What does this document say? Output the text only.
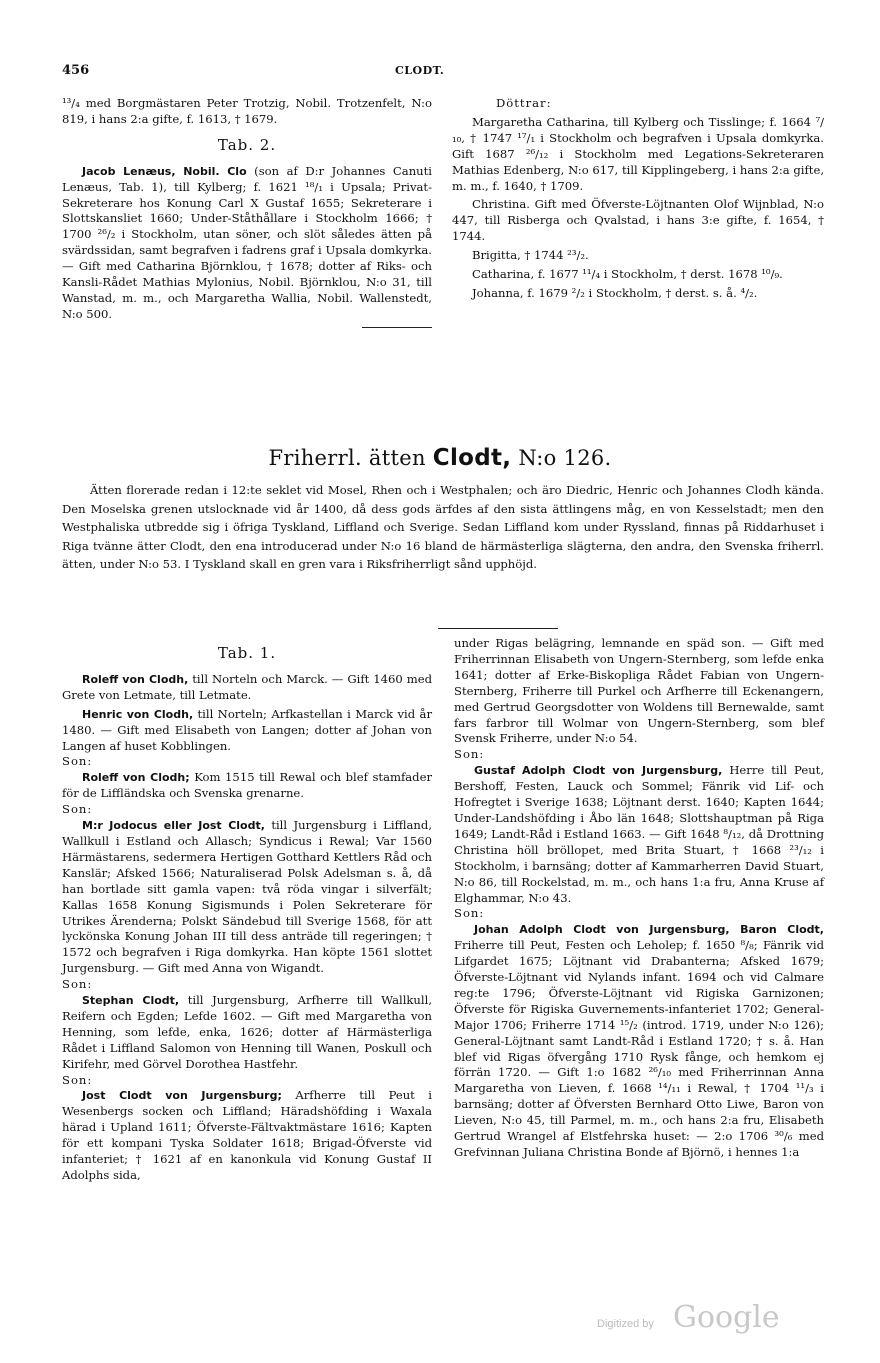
456	CLODT.

¹³/₄ med Borgmästaren Peter Trotzig, Nobil. Trotzenfelt, N:o 819, i hans 2:a gifte, f. 1613, † 1679.

Tab. 2.

Jacob Lenæus, Nobil. Clo (son af D:r Johannes Canuti Lenæus, Tab. 1), till Kylberg; f. 1621 ¹⁸/₁ i Upsala; Privat-Sekreterare hos Konung Carl X Gustaf 1655; Sekreterare i Slottskansliet 1660; Under-Ståthållare i Stockholm 1666; † 1700 ²⁶/₂ i Stockholm, utan söner, och slöt således ätten på svärdssidan, samt begrafven i fadrens graf i Upsala domkyrka. — Gift med Catharina Björnklou, † 1678; dotter af Riks- och Kansli-Rådet Mathias Mylonius, Nobil. Björnklou, N:o 31, till Wanstad, m. m., och Margaretha Wallia, Nobil. Wallenstedt, N:o 500.

Döttrar:

Margaretha Catharina, till Kylberg och Tisslinge; f. 1664 ⁷/₁₀, † 1747 ¹⁷/₁ i Stockholm och begrafven i Upsala domkyrka. Gift 1687 ²⁶/₁₂ i Stockholm med Legations-Sekreteraren Mathias Edenberg, N:o 617, till Kipplingeberg, i hans 2:a gifte, m. m., f. 1640, † 1709.

Christina. Gift med Öfverste-Löjtnanten Olof Wijnblad, N:o 447, till Risberga och Qvalstad, i hans 3:e gifte, f. 1654, † 1744.

Brigitta, † 1744 ²³/₂.

Catharina, f. 1677 ¹¹/₄ i Stockholm, † derst. 1678 ¹⁰/₉.

Johanna, f. 1679 ²/₂ i Stockholm, † derst. s. å. ⁴/₂.

Friherrl. ätten Clodt, N:o 126.

Ätten florerade redan i 12:te seklet vid Mosel, Rhen och i Westphalen; och äro Diedric, Henric och Johannes Clodh kända. Den Moselska grenen utslocknade vid år 1400, då dess gods ärfdes af den sista ättlingens måg, en von Kesselstadt; men den Westphaliska utbredde sig i öfriga Tyskland, Liffland och Sverige. Sedan Liffland kom under Ryssland, finnas på Riddarhuset i Riga tvänne ätter Clodt, den ena introducerad under N:o 16 bland de härmästerliga slägterna, den andra, den Svenska friherrl. ätten, under N:o 53. I Tyskland skall en gren vara i Riksfriherrligt sånd upphöjd.

Tab. 1.

Roleff von Clodh, till Norteln och Marck. — Gift 1460 med Grete von Letmate, till Letmate.

Henric von Clodh, till Norteln; Arfkastellan i Marck vid år 1480. — Gift med Elisabeth von Langen; dotter af Johan von Langen af huset Kobblingen.

Son:

Roleff von Clodh; Kom 1515 till Rewal och blef stamfader för de Liffländska och Svenska grenarne.

Son:

M:r Jodocus eller Jost Clodt, till Jurgensburg i Liffland, Wallkull i Estland och Allasch; Syndicus i Rewal; Var 1560 Härmästarens, sedermera Hertigen Gotthard Kettlers Råd och Kanslär; Afsked 1566; Naturaliserad Polsk Adelsman s. å, då han bortlade sitt gamla vapen: två röda vingar i silverfält; Kallas 1658 Konung Sigismunds i Polen Sekreterare för Utrikes Ärenderna; Polskt Sändebud till Sverige 1568, för att lyckönska Konung Johan III till dess anträde till regeringen; † 1572 och begrafven i Riga domkyrka. Han köpte 1561 slottet Jurgensburg. — Gift med Anna von Wigandt.

Son:

Stephan Clodt, till Jurgensburg, Arfherre till Wallkull, Reifern och Egden; Lefde 1602. — Gift med Margaretha von Henning, som lefde, enka, 1626; dotter af Härmästerliga Rådet i Liffland Salomon von Henning till Wanen, Poskull och Kirifehr, med Görvel Dorothea Hastfehr.

Son:

Jost Clodt von Jurgensburg; Arfherre till Peut i Wesenbergs socken och Liffland; Häradshöfding i Waxala härad i Upland 1611; Öfverste-Fältvaktmästare 1616; Kapten för ett kompani Tyska Soldater 1618; Brigad-Öfverste vid infanteriet; † 1621 af en kanonkula vid Konung Gustaf II Adolphs sida,

under Rigas belägring, lemnande en späd son. — Gift med Friherrinnan Elisabeth von Ungern-Sternberg, som lefde enka 1641; dotter af Erke-Biskopliga Rådet Fabian von Ungern-Sternberg, Friherre till Purkel och Arfherre till Eckenangern, med Gertrud Georgsdotter von Woldens till Bernewalde, samt fars farbror till Wolmar von Ungern-Sternberg, som blef Svensk Friherre, under N:o 54.

Son:

Gustaf Adolph Clodt von Jurgensburg, Herre till Peut, Bershoff, Festen, Lauck och Sommel; Fänrik vid Lif- och Hofregtet i Sverige 1638; Löjtnant derst. 1640; Kapten 1644; Under-Landshöfding i Åbo län 1648; Slottshauptman på Riga 1649; Landt-Råd i Estland 1663. — Gift 1648 ⁸/₁₂, då Drottning Christina höll bröllopet, med Brita Stuart, † 1668 ²³/₁₂ i Stockholm, i barnsäng; dotter af Kammarherren David Stuart, N:o 86, till Rockelstad, m. m., och hans 1:a fru, Anna Kruse af Elghammar, N:o 43.

Son:

Johan Adolph Clodt von Jurgensburg, Baron Clodt, Friherre till Peut, Festen och Leholep; f. 1650 ⁸/₈; Fänrik vid Lifgardet 1675; Löjtnant vid Drabanterna; Afsked 1679; Öfverste-Löjtnant vid Nylands infant. 1694 och vid Calmare reg:te 1796; Öfverste-Löjtnant vid Rigiska Garnizonen; Öfverste för Rigiska Guvernements-infanteriet 1702; General-Major 1706; Friherre 1714 ¹⁵/₂ (introd. 1719, under N:o 126); General-Löjtnant samt Landt-Råd i Estland 1720; † s. å. Han blef vid Rigas öfvergång 1710 Rysk fånge, och hemkom ej förrän 1720. — Gift 1:o 1682 ²⁶/₁₀ med Friherrinnan Anna Margaretha von Lieven, f. 1668 ¹⁴/₁₁ i Rewal, † 1704 ¹¹/₃ i barnsäng; dotter af Öfversten Bernhard Otto Liwe, Baron von Lieven, N:o 45, till Parmel, m. m., och hans 2:a fru, Elisabeth Gertrud Wrangel af Elstfehrska huset: — 2:o 1706 ³⁰/₆ med Grefvinnan Juliana Christina Bonde af Björnö, i hennes 1:a

Digitized by Google
